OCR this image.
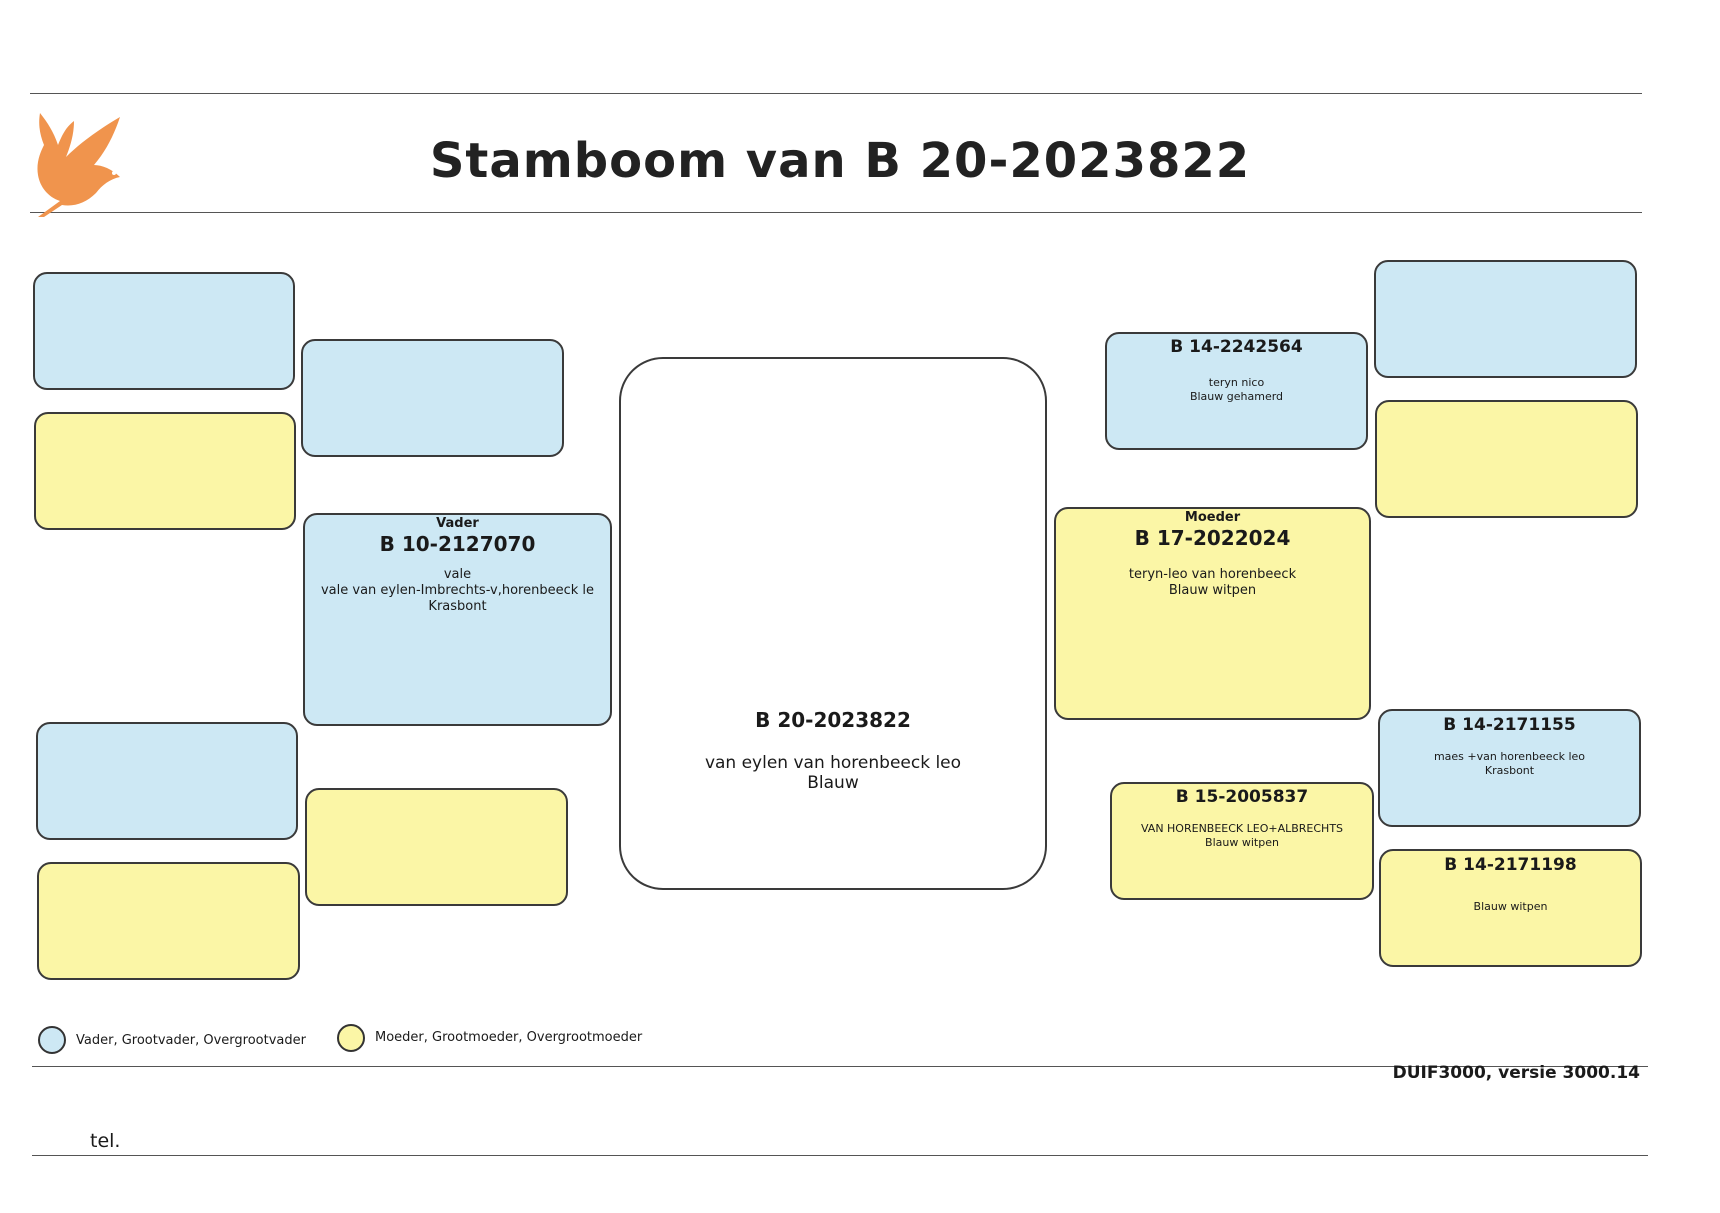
Stamboom van B 20-2023822
Vader
B 10-2127070
vale
vale van eylen-Imbrechts-v,horenbeeck le
Krasbont
B 20-2023822
van eylen van horenbeeck leo
Blauw
Moeder
B 17-2022024
teryn-leo van horenbeeck
Blauw witpen
B 14-2242564
teryn nico
Blauw gehamerd
B 15-2005837
VAN HORENBEECK LEO+ALBRECHTS
Blauw witpen
B 14-2171155
maes +van horenbeeck leo
Krasbont
B 14-2171198
Blauw witpen
Vader, Grootvader, Overgrootvader	Moeder, Grootmoeder, Overgrootmoeder
DUIF3000, versie 3000.14
tel.
